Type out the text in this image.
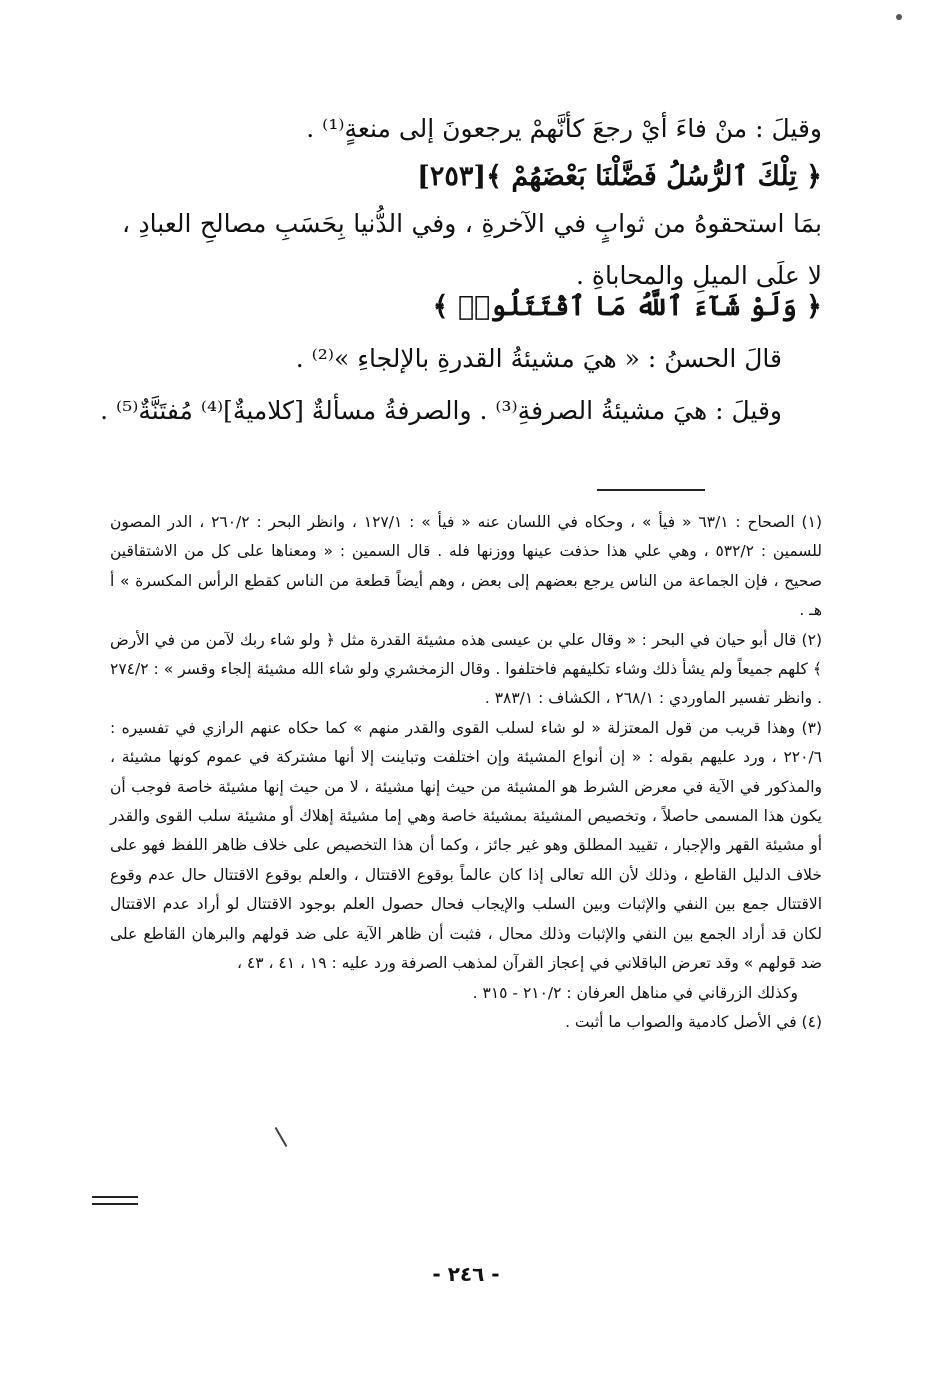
وقيلَ : منْ فاءَ أيْ رجعَ كأنَّهمْ يرجعونَ إلى منعةٍ⁽¹⁾ .
﴿ تِلْكَ ٱلرُّسُلُ فَضَّلْنَا بَعْضَهُمْ ﴾[٢٥٣]
بمَا استحقوهُ من ثوابٍ في الآخرةِ ، وفي الدُّنيا بِحَسَبِ مصالحِ العبادِ ، لا علَى الميلِ والمحاباةِ .
﴿ وَلَوْ شَآءَ ٱللَّهُ مَا ٱقْتَتَلُوا۟ ﴾
قالَ الحسنُ : « هيَ مشيئةُ القدرةِ بالإلجاءِ »⁽²⁾ .
وقيلَ : هيَ مشيئةُ الصرفةِ⁽³⁾ . والصرفةُ مسألةٌ [كلاميةٌ]⁽⁴⁾ مُفتَنَّةٌ⁽⁵⁾ .

(١) الصحاح : ٦٣/١ « فيأ » ، وحكاه في اللسان عنه « فيأ » : ١٢٧/١ ، وانظر البحر : ٢٦٠/٢ ، الدر المصون للسمين : ٥٣٢/٢ ، وهي علي هذا حذفت عينها ووزنها فله . قال السمين : « ومعناها على كل من الاشتقاقين صحيح ، فإن الجماعة من الناس يرجع بعضهم إلى بعض ، وهم أيضاً قطعة من الناس كقطع الرأس المكسرة » أ هـ .

(٢) قال أبو حيان في البحر : « وقال علي بن عيسى هذه مشيئة القدرة مثل ﴿ ولو شاء ربك لآمن من في الأرض ﴾ كلهم جميعاً ولم يشأ ذلك وشاء تكليفهم فاختلفوا . وقال الزمخشري ولو شاء الله مشيئة إلجاء وقسر » : ٢٧٤/٢ . وانظر تفسير الماوردي : ٢٦٨/١ ، الكشاف : ٣٨٣/١ .

(٣) وهذا قريب من قول المعتزلة « لو شاء لسلب القوى والقدر منهم » كما حكاه عنهم الرازي في تفسيره : ٢٢٠/٦ ، ورد عليهم بقوله : « إن أنواع المشيئة وإن اختلفت وتباينت إلا أنها مشتركة في عموم كونها مشيئة ، والمذكور في الآية في معرض الشرط هو المشيئة من حيث إنها مشيئة ، لا من حيث إنها مشيئة خاصة فوجب أن يكون هذا المسمى حاصلاً ، وتخصيص المشيئة بمشيئة خاصة وهي إما مشيئة إهلاك أو مشيئة سلب القوى والقدر أو مشيئة القهر والإجبار ، تقييد المطلق وهو غير جائز ، وكما أن هذا التخصيص على خلاف ظاهر اللفظ فهو على خلاف الدليل القاطع ، وذلك لأن الله تعالى إذا كان عالماً بوقوع الاقتتال ، والعلم بوقوع الاقتتال حال عدم وقوع الاقتتال جمع بين النفي والإثبات وبين السلب والإيجاب فحال حصول العلم بوجود الاقتتال لو أراد عدم الاقتتال لكان قد أراد الجمع بين النفي والإثبات وذلك محال ، فثبت أن ظاهر الآية على ضد قولهم والبرهان القاطع على ضد قولهم » وقد تعرض الباقلاني في إعجاز القرآن لمذهب الصرفة ورد عليه : ١٩ ، ٤١ ، ٤٣ ،

وكذلك الزرقاني في مناهل العرفان : ٢١٠/٢ - ٣١٥ .

(٤) في الأصل كادمية والصواب ما أثبت .

- ٢٤٦ -
